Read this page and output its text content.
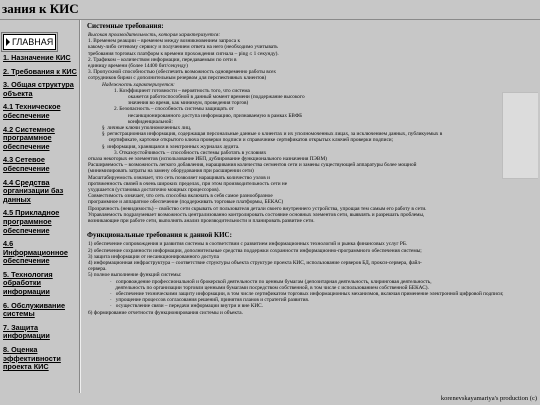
зания к КИС
ГЛАВНАЯ
1. Назначение КИС
2. Требования к КИС
3. Общая структура объекта
4.1 Техническое обеспечение
4.2 Системное программное обеспечение
4.3 Сетевое обеспечение
4.4 Средства организации баз данных
4.5 Прикладное программное обеспечение
4.6 Информационное обеспечение
5. Технология обработки информации
6. Обслуживание системы
7. Защита информации
8. Оценка эффективности проекта КИС
Системные требования:
Высокая производительность, которая характеризуется:
1. Временем реакции – временем между возникновением запроса к
какому-либо сетевому сервису и получением ответа на него (необходимо учитывать
требования торговых платформ к времени прохождения сигнала – ping ≤ 1 секунду).
2. Трафиком – количеством информации, передаваемым по сети в
единицу времени (более 14400 бит/секунду)
3. Пропускной способностью (обеспечить возможность одновременно работы всех
сотрудников биржи с дополнительным резервом для перспективных клиентов)
Надежность характеризуется:
1. Коэффициент готовности – вероятность того, что система
окажется работоспособной в данный момент времени (поддержание высокого
значения во время, как минимум, проведения торгов)
2. Безопасность – способность системы защищать от
несанкционированного доступа информацию, признаваемую в рамках БВФБ
конфиденциальной:
§  личные ключи уполномоченных лиц,
§  регистрационная информация, содержащая персональные данные о клиентах и их уполномоченных лицах, за исключением данных, публикуемых в
сертификате, карточке открытого ключа проверки подписи и справочнике сертификатов открытых ключей проверки подписи;
§  информация, хранящаяся в электронных журналах аудита.
3. Отказоустойчивость – способность системы работать в условиях
отказа некоторых ее элементов (использование ИБП, дублирование функционального назначения ПЭВМ)
Расширяемость – возможность легкого добавления, наращивания количества сегментов сети и замены существующей аппаратуры более мощной
(минимизировать затраты на замену оборудования при расширении сети)
Масштабируемость означает, что сеть позволяет наращивать количество узлов и
протяженность связей в очень широких пределах, при этом производительность сети не
ухудшается (установка достаточно мощных процессоров).
Совместимость означает, что сеть способна включать в себя самое разнообразное
программное и аппаратное обеспечение (поддерживать торговые платформы, БЕКАС)
Прозрачность (невидимость) – свойство сети скрывать от пользователя детали своего внутреннего устройства, упрощая тем самым его работу в сети.
Управляемость подразумевает возможность централизованно контролировать состояние основных элементов сети, выявлять и разрешать проблемы,
возникающие при работе сети, выполнять анализ производительности и планировать развитие сети.
Функциональные требования к данной КИС:
1) обеспечение сопровождения и развития системы в соответствии с развитием информационных технологий и рынка финансовых услуг РБ.
2) обеспечение сохранности информации, дополнительные средства поддержки сохранности информационно-программного обеспечения системы;
3) защита информации от несанкционированного доступа
4) информационная инфраструктура – соответствие структуры объекта структуре проекта КИС, использование серверов БД, прокси-сервера, файл-
сервера.
5) полное выполнение функций системы:
·   сопровождение профессиональной и брокерской деятельности по ценным бумагам (депозитарная деятельность, клиринговая деятельность,
деятельность по организации торговли ценными бумагами посредством собственной, в том числе с использованием собственной БЕКАС).
·   обеспечение техническими защиту информации, в том числе сертификатом торговых информационных механизмов, включая применение электронной цифровой подписи;
·   упрощение процессов согласования решений, принятия планов и стратегий развития.
·   осуществление связи – передачи информации внутри и вне КИС.
6) формирование отчетности функционирования системы и объекта.
korenevskayamariya's production (c)
